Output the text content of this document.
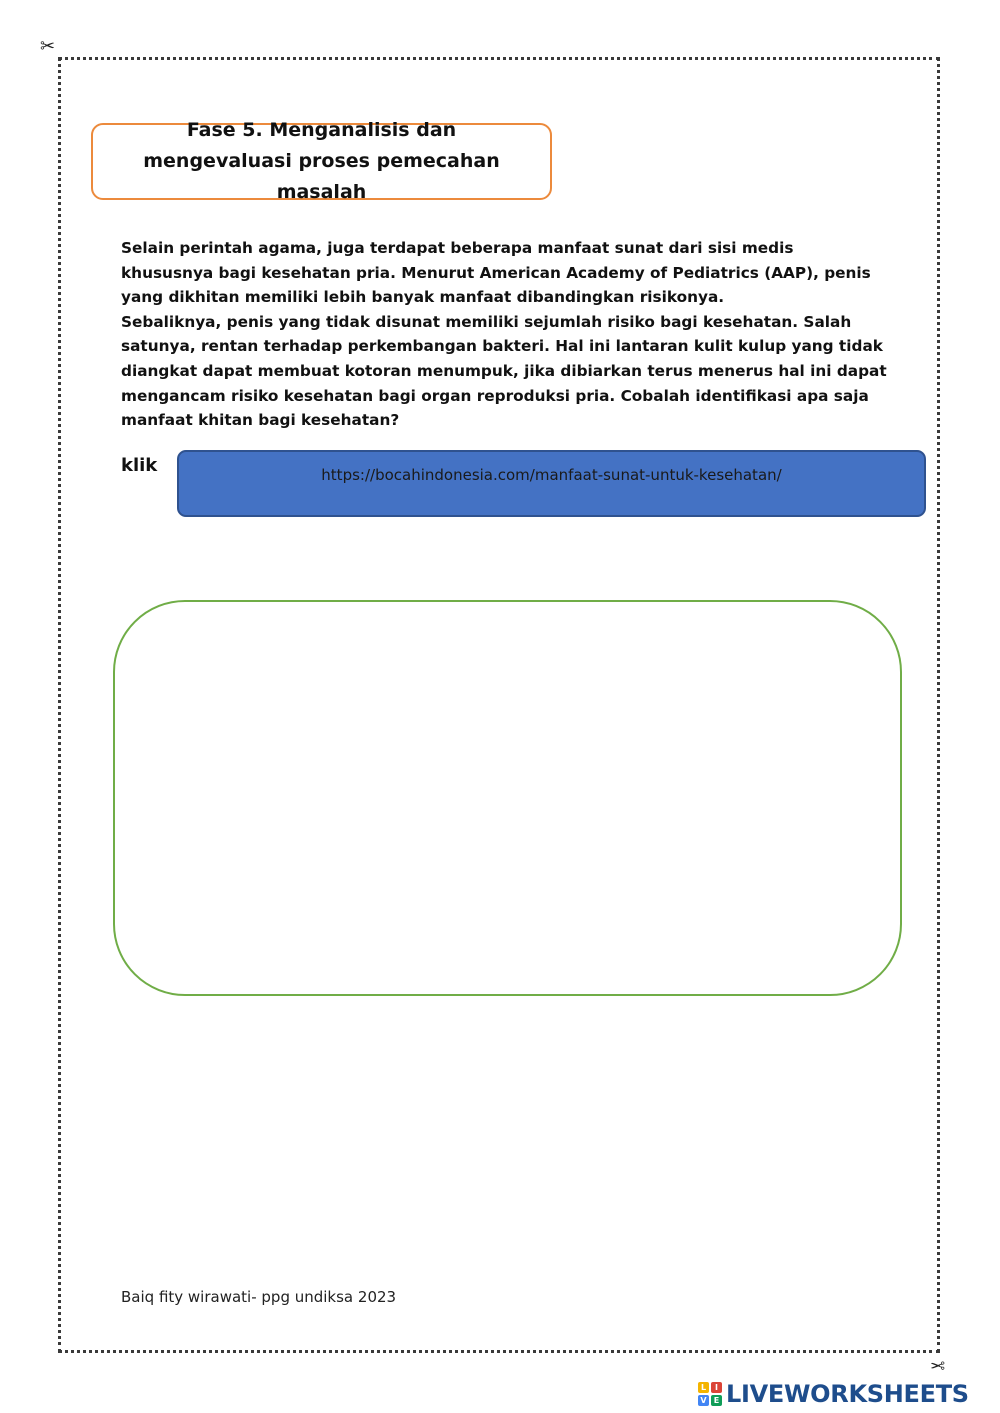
✂
✂
Fase 5. Menganalisis dan mengevaluasi proses pemecahan masalah

Selain perintah agama, juga terdapat beberapa manfaat sunat dari sisi medis khususnya bagi kesehatan pria. Menurut American Academy of Pediatrics (AAP), penis yang dikhitan memiliki lebih banyak manfaat dibandingkan risikonya.

Sebaliknya, penis yang tidak disunat memiliki sejumlah risiko bagi kesehatan. Salah satunya, rentan terhadap perkembangan bakteri. Hal ini lantaran kulit kulup yang tidak diangkat dapat membuat kotoran menumpuk, jika dibiarkan terus menerus hal ini dapat mengancam risiko kesehatan bagi organ reproduksi pria. Cobalah identifikasi apa saja manfaat khitan bagi kesehatan?

klik	https://bocahindonesia.com/manfaat-sunat-untuk-kesehatan/
Baiq fity wirawati- ppg undiksa 2023
L	I
V E LIVEWORKSHEETS
